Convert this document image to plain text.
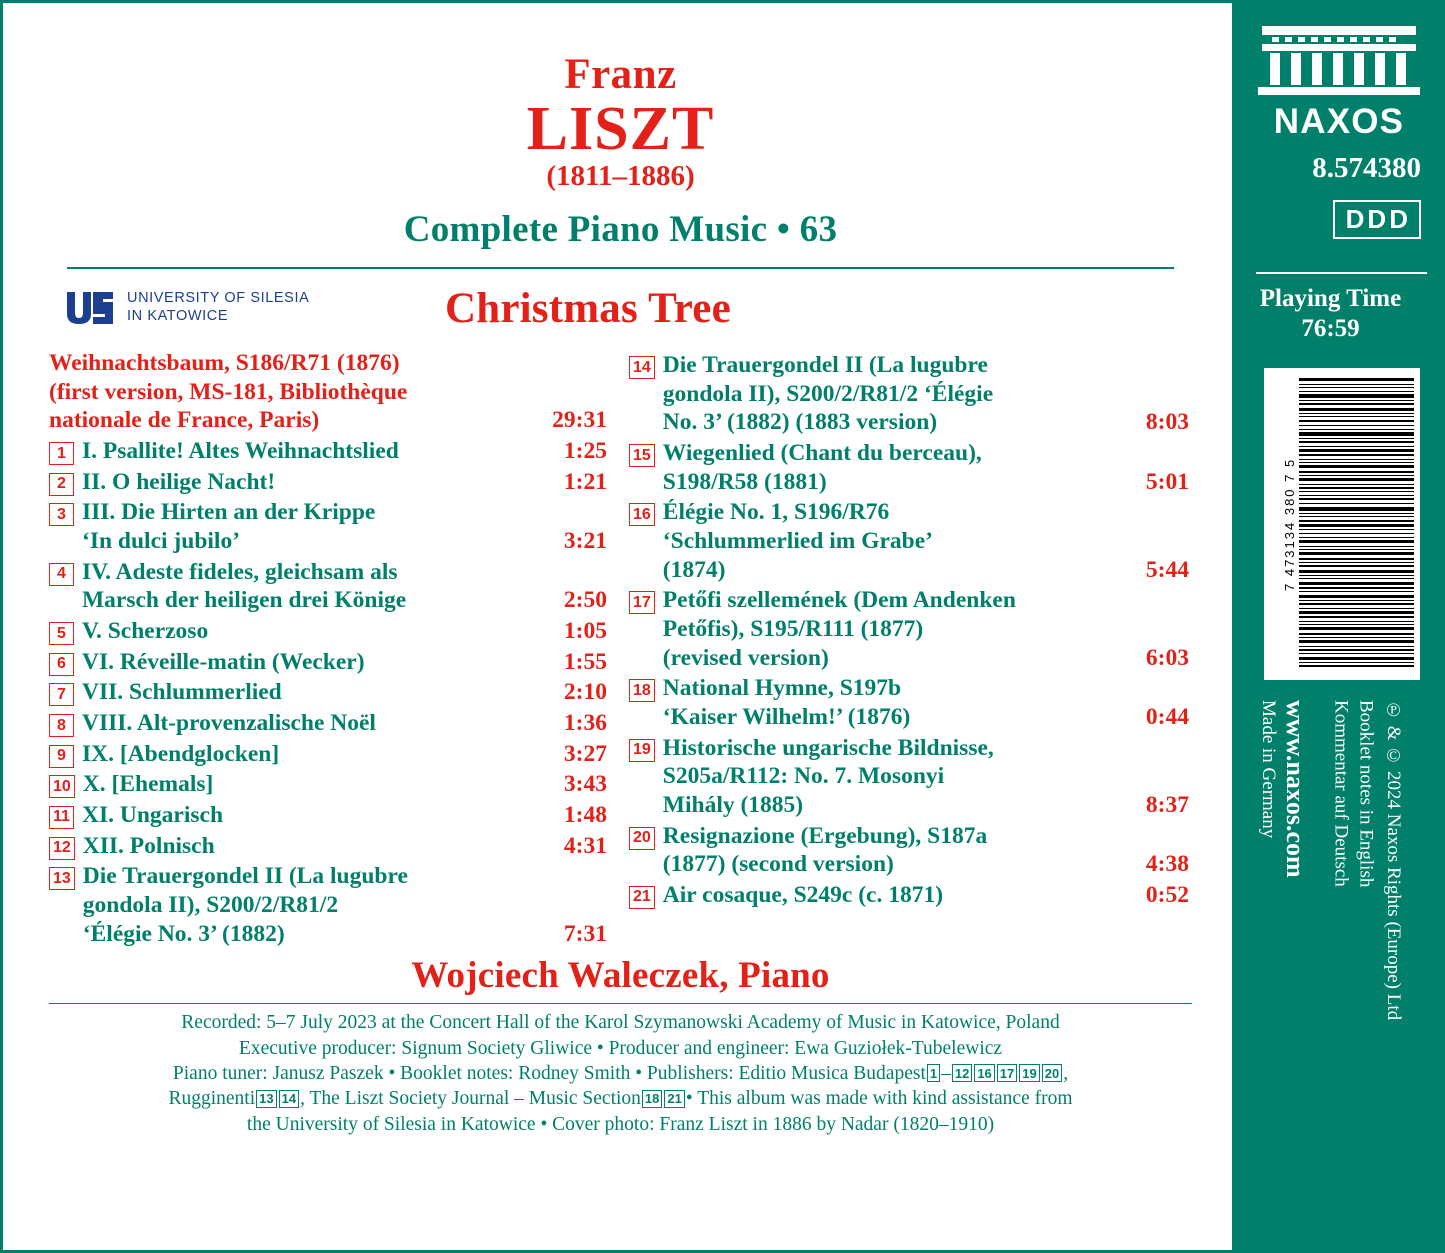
Franz
LISZT
(1811–1886)
Complete Piano Music • 63
UNIVERSITY OF SILESIA
IN KATOWICE	Christmas Tree
Weihnachtsbaum, S186/R71 (1876)
(first version, MS-181, Bibliothèque
nationale de France, Paris)	29:31
1 I. Psallite! Altes Weihnachtslied	1:25
2 II. O heilige Nacht!	1:21
3 III. Die Hirten an der Krippe
‘In dulci jubilo’	3:21
4 IV. Adeste fideles, gleichsam als
Marsch der heiligen drei Könige	2:50
5 V. Scherzoso	1:05
6 VI. Réveille-matin (Wecker)	1:55
7 VII. Schlummerlied	2:10
8 VIII. Alt-provenzalische Noël	1:36
9 IX. [Abendglocken]	3:27
10 X. [Ehemals]	3:43
11 XI. Ungarisch	1:48
12 XII. Polnisch	4:31
13 Die Trauergondel II (La lugubre
gondola II), S200/2/R81/2
‘Élégie No. 3’ (1882)	7:31
14 Die Trauergondel II (La lugubre
gondola II), S200/2/R81/2 ‘Élégie
No. 3’ (1882) (1883 version)	8:03
15 Wiegenlied (Chant du berceau),
S198/R58 (1881)	5:01
16 Élégie No. 1, S196/R76
‘Schlummerlied im Grabe’
(1874)	5:44
17 Petőfi szellemének (Dem Andenken
Petőfis), S195/R111 (1877)
(revised version)	6:03
18 National Hymne, S197b
‘Kaiser Wilhelm!’ (1876)	0:44
19 Historische ungarische Bildnisse,
S205a/R112: No. 7. Mosonyi
Mihály (1885)	8:37
20 Resignazione (Ergebung), S187a
(1877) (second version)	4:38
21 Air cosaque, S249c (c. 1871)	0:52
Wojciech Waleczek, Piano
Recorded: 5–7 July 2023 at the Concert Hall of the Karol Szymanowski Academy of Music in Katowice, Poland
Executive producer: Signum Society Gliwice • Producer and engineer: Ewa Guziołek-Tubelewicz
Piano tuner: Janusz Paszek • Booklet notes: Rodney Smith • Publishers: Editio Musica Budapest 1 – 12 16 17 19 20 ,
Rugginenti 13 14 , The Liszt Society Journal – Music Section 18 21 • This album was made with kind assistance from
the University of Silesia in Katowice • Cover photo: Franz Liszt in 1886 by Nadar (1820–1910)
NAXOS
8.574380
DDD
Playing Time
76:59
7 473134 380 7 5
Made in Germany www.naxos.com	Booklet notes in English
Kommentar auf Deutsch	℗ & © 2024 Naxos Rights (Europe) Ltd
